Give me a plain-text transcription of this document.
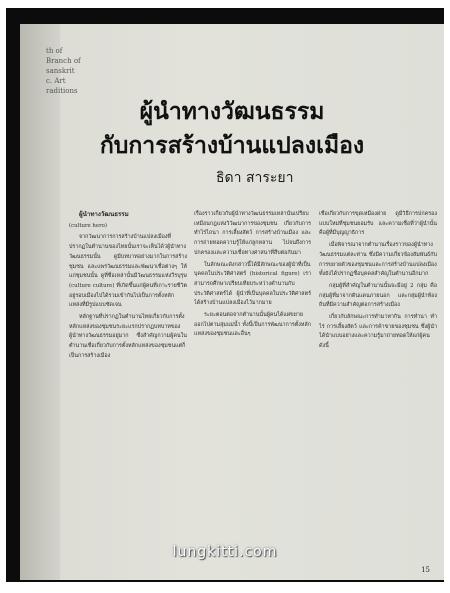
th of
Branch of
sanskrit
c. Art
raditions
ผู้นำทางวัฒนธรรม
กับการสร้างบ้านแปลงเมือง
ธิดา สาระยา

ผู้นำทางวัฒนธรรม

(culture hero)

จากวัฒนาการการสร้างบ้านแปลงเมืองที่ปรากฏในตำนานของไทยนั้นเราจะเห็นได้ว่ผู้นำทางวัฒนธรรมนั้น ดูมีบทบาทอย่างมากในการสร้างชุมชน และแพร่วัฒนธรรมและพัฒนาเชื่อต่างๆ ให้แก่ชุมชนนั้น ดูที่ชื่อเหล่านั้นมีวัฒนธรรมแห่งวีรบุรุษ (culture culture) ที่เกิดขึ้นแก่ผู้คนที่เกาะรายชีวิตอยู่รอบเมืองไปได้รวมเข้ากันไปเป็นการตั้งหลักแหล่งที่มีรูปแบบชัดเจน

หลักฐานที่ปรากฏในตำนานไทยเกี่ยวกับการตั้งหลักแหล่งของชุมชนระยะแรกปรากฏบทบาทของผู้นำทางวัฒนธรรมอยู่มาก ซึ่งสำคัญกวามผู้คนในตำนานเชื่อเกี่ยวกับการตั้งหลักแหล่งของชุมชนแต่ก็เป็นการสร้างเมือง

เรื่องราวเกี่ยวกับผู้นำทางวัฒนธรรมเหล่านั้นเปรียบเหมือนกฎแห่งวิวัฒนาการของชุมชน เกี่ยวกับการทำไร่ไถนา การเลี้ยงสัตว์ การสร้างบ้านเมือง และการถ่ายทอดความรู้ให้แก่ลูกหลาน ไปจนถึงการปกครองและความเชื่อทางศาสนาที่สืบต่อกันมา

ในลักษณะดังกล่าวนี้ได้มีลักษณะของผู้นำที่เป็นบุคคลในประวัติศาสตร์ (historical figure) เราสามารถศึกษาเปรียบเทียบระหว่างตำนานกับประวัติศาสตร์ได้ ผู้นำที่เป็นบุคคลในประวัติศาสตร์ได้สร้างบ้านแปลงเมืองไว้มากมาย

ระยะตอนต่อจากตำนานนั้นผู้คนได้แผ่ขยายออกไปตามลุ่มแม่น้ำ ทั้งนี้เป็นการพัฒนาการตั้งหลักแหล่งของชุมชนและอื่นๆ

เชื่อเกี่ยวกับการขุดเหมืองฝาย ดูมีวิธีการปกครองแบบใหม่ที่ชุมชนยอมรับ และความเชื่อที่ว่าผู้นำนั้น คือผู้ที่มีบุญญาธิการ

เมื่อพิจารณาจากตำนานเรื่องราวของผู้นำทางวัฒนธรรมแต่ละท่าน ซึ่งมีความเกี่ยวข้องสัมพันธ์กับการขยายตัวของชุมชนและการสร้างบ้านแปลงเมือง ทั้งยังได้ปรากฏชื่อบุคคลสำคัญในตำนานอีกมาก

กลุ่มผู้ที่สำคัญในตำนานนั้นจะมีอยู่ 2 กลุ่ม คือกลุ่มผู้ที่มาจากดินแดนภายนอก และกลุ่มผู้นำท้องถิ่นที่มีความสำคัญต่อการสร้างเมือง

เกี่ยวกับลักษณะการทำมาหากิน การทำนา ทำไร่ การเลี้ยงสัตว์ และการค้าขายของชุมชน ซึ่งผู้นำได้นำแบบอย่างและความรู้มาถ่ายทอดให้แก่ผู้คน ดังนี้

15
lungkitti.com
